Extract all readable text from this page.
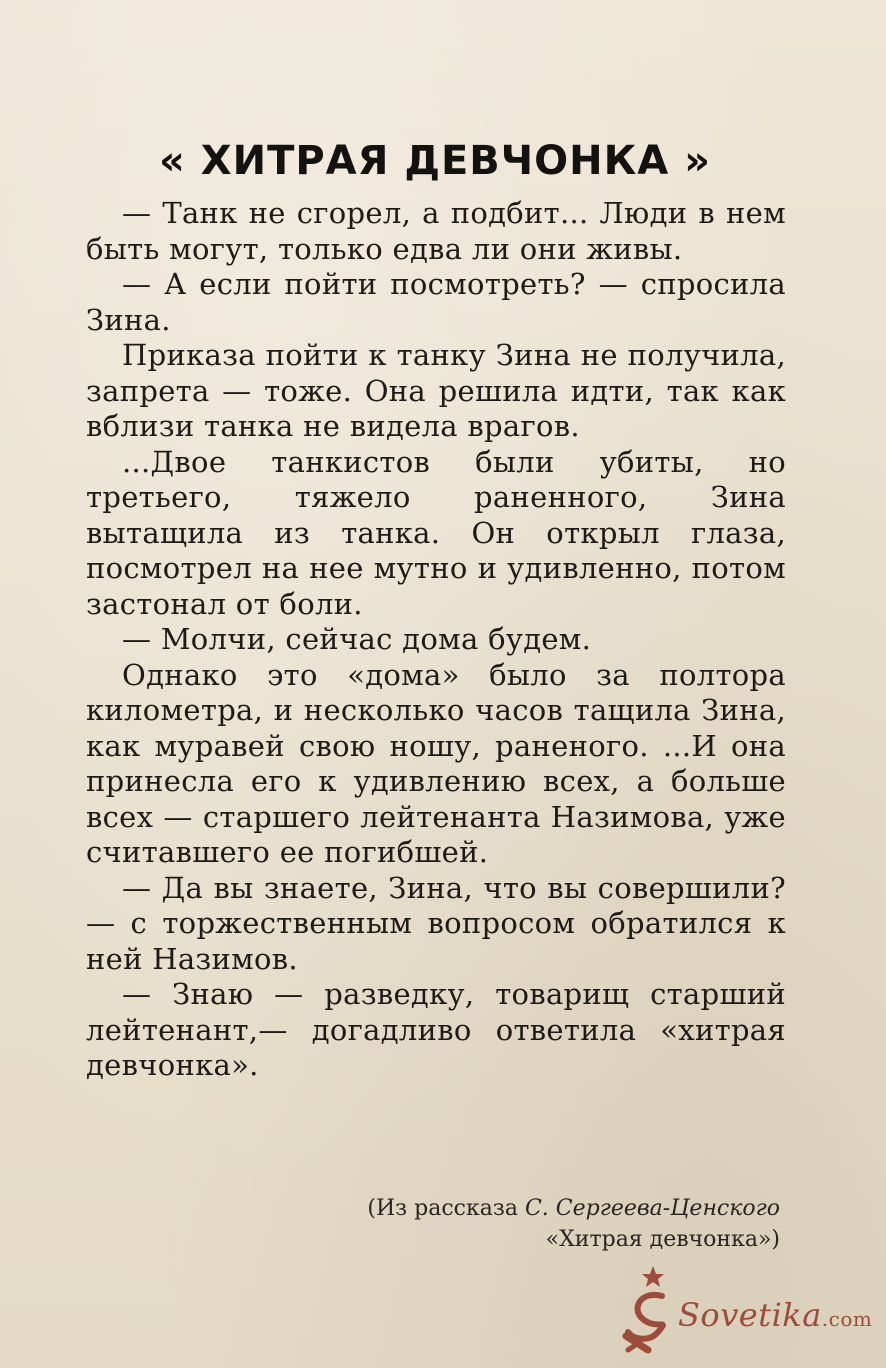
« ХИТРАЯ ДЕВЧОНКА »

— Танк не сгорел, а подбит... Люди в нем быть могут, только едва ли они живы.

— А если пойти посмотреть? — спросила Зина.

Приказа пойти к танку Зина не получила, запрета — тоже. Она решила идти, так как вблизи танка не видела врагов.

...Двое танкистов были убиты, но третьего, тяжело раненного, Зина вытащила из танка. Он открыл глаза, посмотрел на нее мутно и удивленно, потом застонал от боли.

— Молчи, сейчас дома будем.

Однако это «дома» было за полтора километра, и несколько часов тащила Зина, как муравей свою ношу, раненого. ...И она принесла его к удивлению всех, а больше всех — старшего лейтенанта Назимова, уже считавшего ее погибшей.

— Да вы знаете, Зина, что вы совершили? — с торжественным вопросом обратился к ней Назимов.

— Знаю — разведку, товарищ старший лейтенант,— догадливо ответила «хитрая девчонка».

(Из рассказа С. Сергеева-Ценского
«Хитрая девчонка»)
Sovetika.com
